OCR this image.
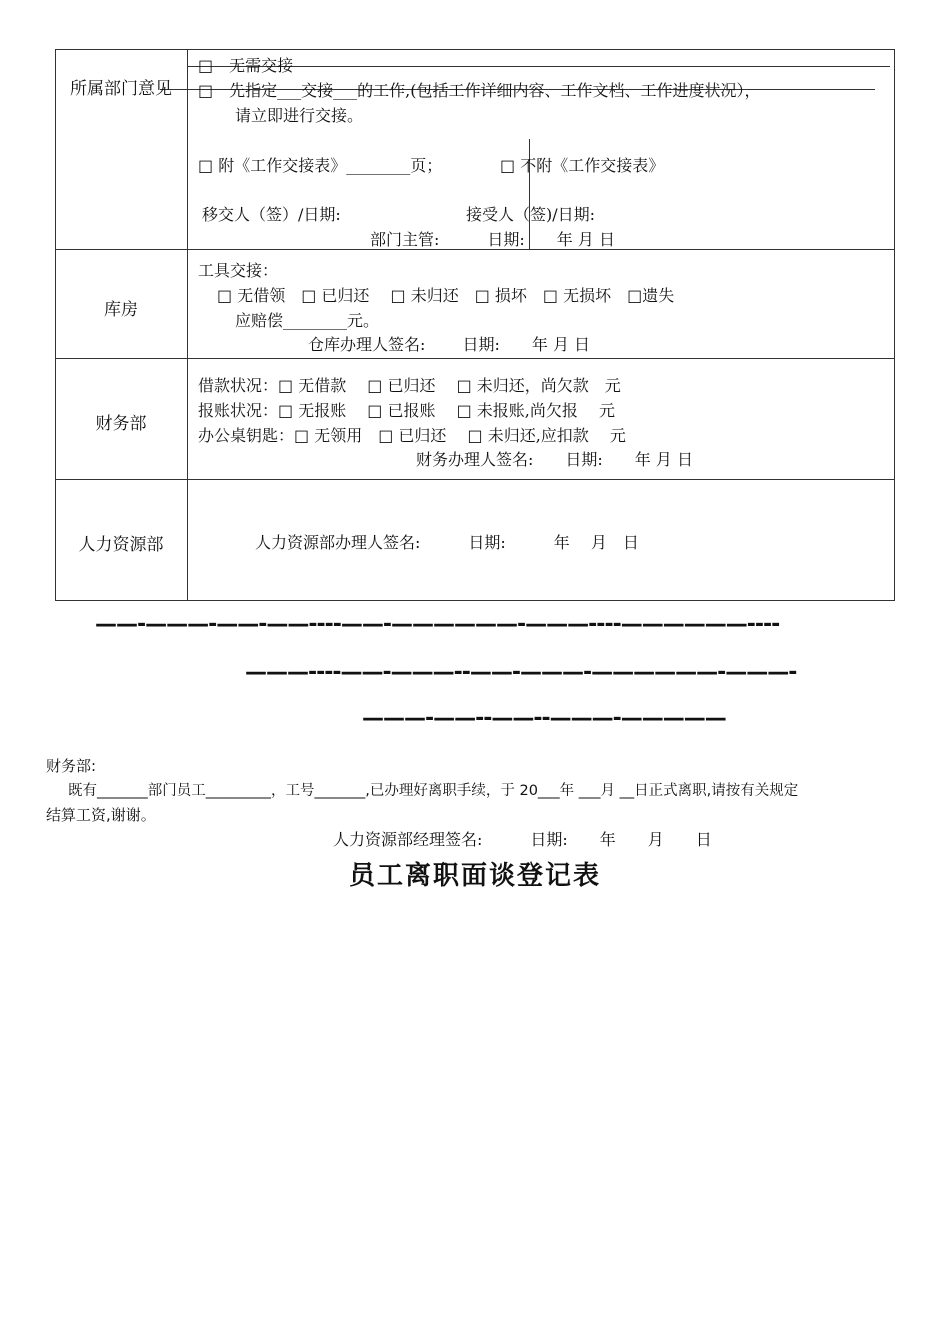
所属部门意见
□　无需交接
□　先指定___交接___的工作,(包括工作详细内容、工作文档、工作进度状况），
请立即进行交接。
□ 附《工作交接表》________页；	□ 不附《工作交接表》
移交人（签）/日期:	接受人（签)/日期:
部门主管:　　　日期:　　年 月 日
库房
工具交接：
□ 无借领　□ 已归还　 □ 未归还　□ 损坏　□ 无损坏　□遗失
应赔偿________元。
仓库办理人签名:　　 日期:　　年 月 日
财务部
借款状况：□ 无借款　 □ 已归还　 □ 未归还，尚欠款　元
报账状况：□ 无报账　 □ 已报账　 □ 未报账,尚欠报　 元
办公桌钥匙：□ 无领用　□ 已归还　 □ 未归还,应扣款　 元
财务办理人签名:　　日期:　　年 月 日
人力资源部	人力资源部办理人签名:　　　日期:　　　年　 月　日
——-———-——-——----——-——————-———----——————----
———----——-———--——-———-——————-———-
———-——--——--———-—————
财务部:
既有_______部门员工_________，工号_______,已办理好离职手续，于 20___年 ___月 __日正式离职,请按有关规定
结算工资,谢谢。
人力资源部经理签名:　　　日期:　　年　　月　　日
员工离职面谈登记表
